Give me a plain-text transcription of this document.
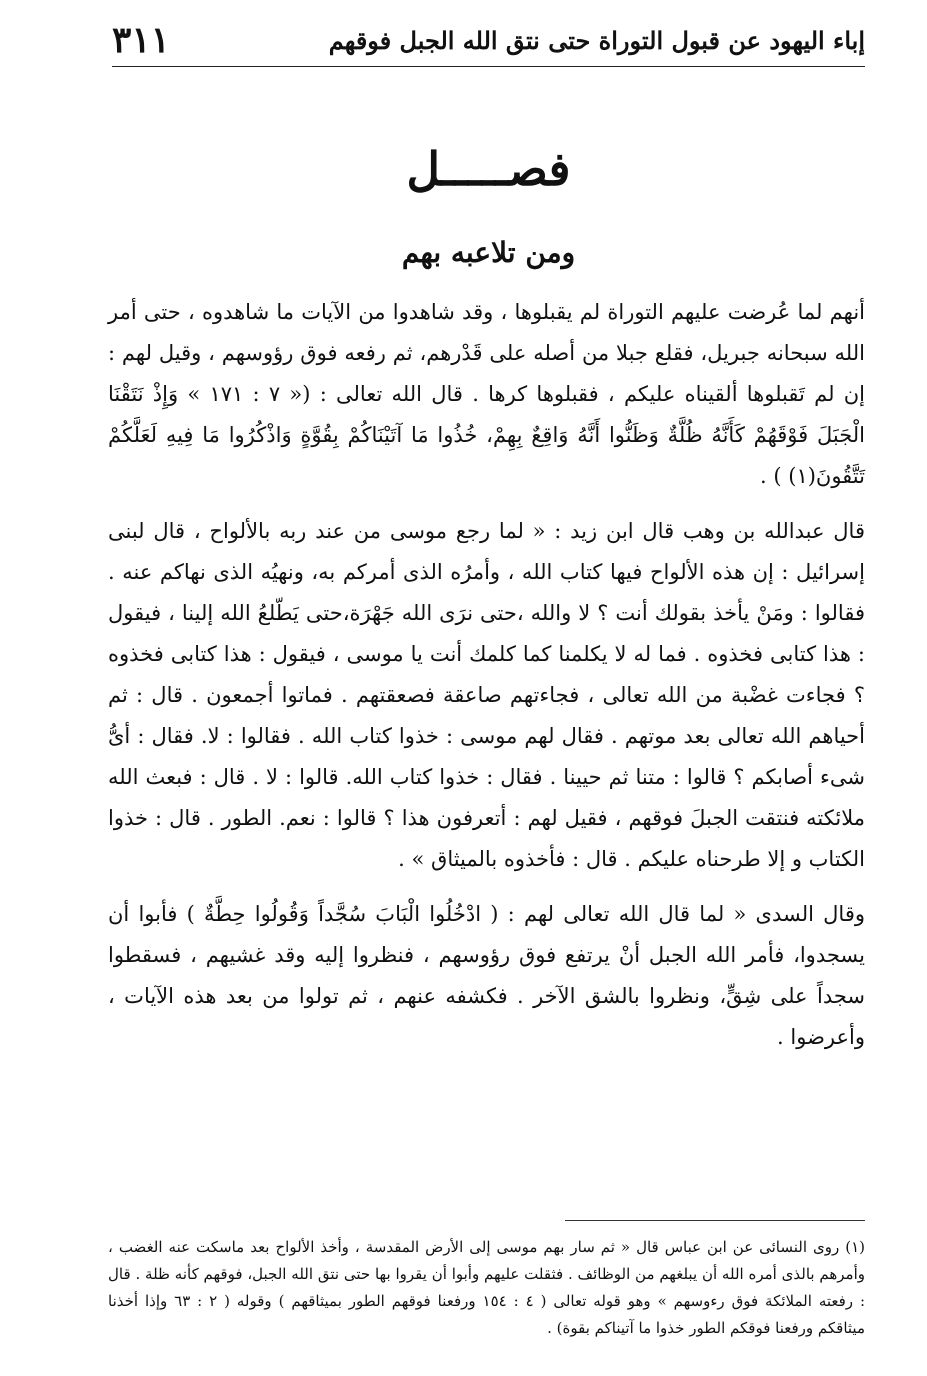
إباء اليهود عن قبول التوراة حتى نتق الله الجبل فوقهم
٣١١
فصـــــل
ومن تلاعبه بهم

أنهم لما عُرضت عليهم التوراة لم يقبلوها ، وقد شاهدوا من الآيات ما شاهدوه ، حتى أمر الله سبحانه جبريل، فقلع جبلا من أصله على قَدْرهم، ثم رفعه فوق رؤوسهم ، وقيل لهم : إن لم تَقبلوها ألقيناه عليكم ، فقبلوها كرها . قال الله تعالى : (« ٧ : ١٧١ » وَإِذْ نَتَقْنَا الْجَبَلَ فَوْقَهُمْ كَأَنَّهُ ظُلَّةٌ وَظَنُّوا أَنَّهُ وَاقِعٌ بِهِمْ، خُذُوا مَا آتَيْنَاكُمْ بِقُوَّةٍ وَاذْكُرُوا مَا فِيهِ لَعَلَّكُمْ تَتَّقُونَ(١) ) .

قال عبدالله بن وهب قال ابن زيد : « لما رجع موسى من عند ربه بالألواح ، قال لبنى إسرائيل : إن هذه الألواح فيها كتاب الله ، وأمرُه الذى أمركم به، ونهيُه الذى نهاكم عنه . فقالوا : ومَنْ يأخذ بقولك أنت ؟ لا والله ،حتى نرَى الله جَهْرَة،حتى يَطّلعُ الله إلينا ، فيقول : هذا كتابى فخذوه . فما له لا يكلمنا كما كلمك أنت يا موسى ، فيقول : هذا كتابى فخذوه ؟ فجاءت غضْبة من الله تعالى ، فجاءتهم صاعقة فصعقتهم . فماتوا أجمعون . قال : ثم أحياهم الله تعالى بعد موتهم . فقال لهم موسى : خذوا كتاب الله . فقالوا : لا. فقال : أىُّ شىء أصابكم ؟ قالوا : متنا ثم حيينا . فقال : خذوا كتاب الله. قالوا : لا . قال : فبعث الله ملائكته فنتقت الجبلَ فوقهم ، فقيل لهم : أتعرفون هذا ؟ قالوا : نعم. الطور . قال : خذوا الكتاب و إلا طرحناه عليكم . قال : فأخذوه بالميثاق » .

وقال السدى « لما قال الله تعالى لهم : ( ادْخُلُوا الْبَابَ سُجَّداً وَقُولُوا حِطَّةٌ ) فأبوا أن يسجدوا، فأمر الله الجبل أنْ يرتفع فوق رؤوسهم ، فنظروا إليه وقد غشيهم ، فسقطوا سجداً على شِقٍّ، ونظروا بالشق الآخر . فكشفه عنهم ، ثم تولوا من بعد هذه الآيات ، وأعرضوا .

(١) روى النسائى عن ابن عباس قال « ثم سار بهم موسى إلى الأرض المقدسة ، وأخذ الألواح بعد ماسكت عنه الغضب ، وأمرهم بالذى أمره الله أن يبلغهم من الوظائف . فثقلت عليهم وأبوا أن يقروا بها حتى نتق الله الجبل، فوقهم كأنه ظلة . قال : رفعته الملائكة فوق رءوسهم » وهو قوله تعالى ( ٤ : ١٥٤ ورفعنا فوقهم الطور بميثاقهم ) وقوله ( ٢ : ٦٣ وإذا أخذنا ميثاقكم ورفعنا فوقكم الطور خذوا ما آتيناكم بقوة) .
